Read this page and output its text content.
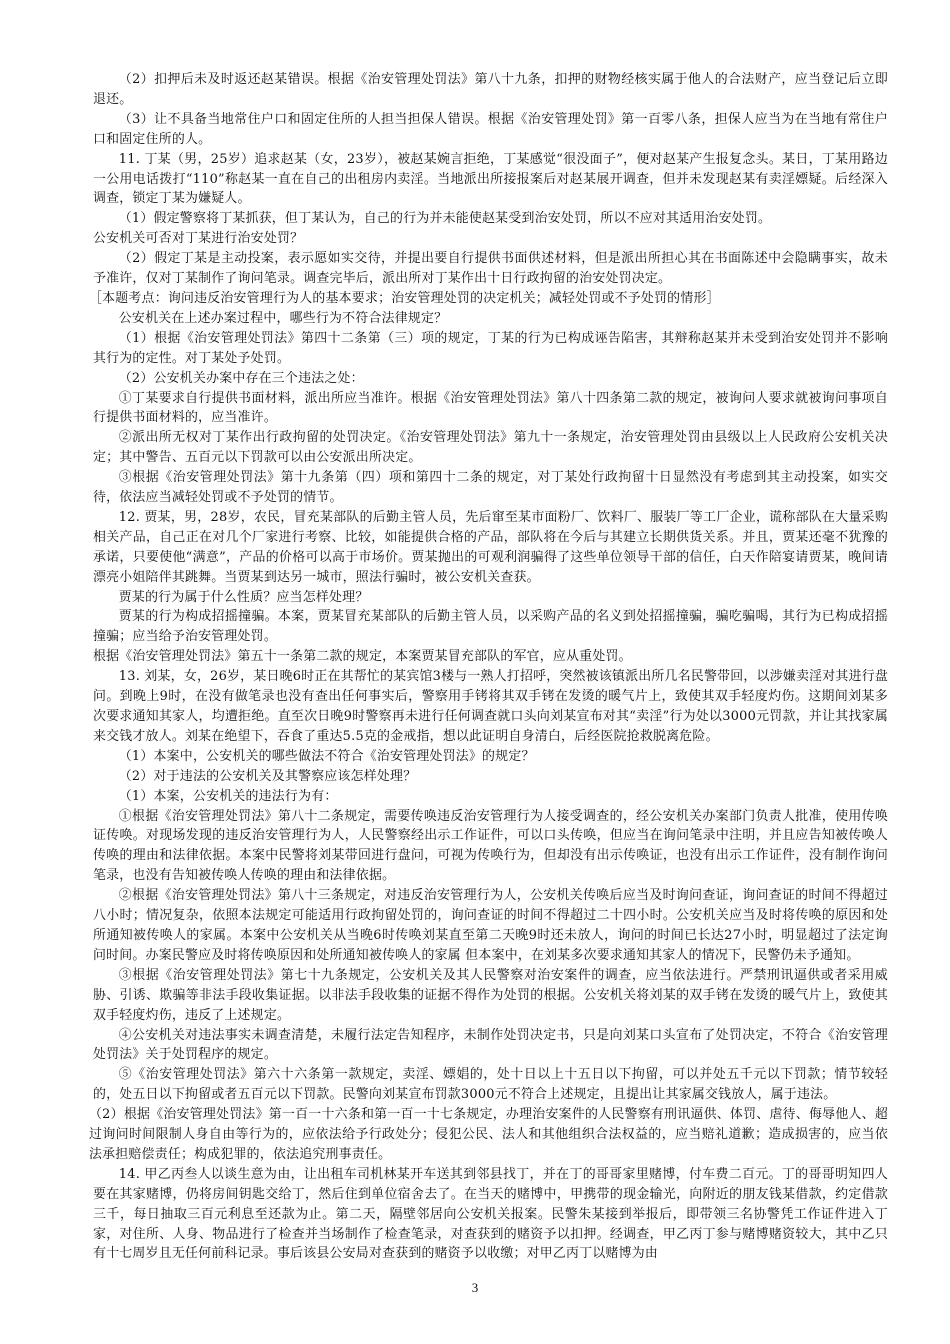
（2）扣押后未及时返还赵某错误。根据《治安管理处罚法》第八十九条，扣押的财物经核实属于他人的合法财产，应当登记后立即退还。

（3）让不具备当地常住户口和固定住所的人担当担保人错误。根据《治安管理处罚》第一百零八条，担保人应当为在当地有常住户口和固定住所的人。

11. 丁某（男，25岁）追求赵某（女，23岁），被赵某婉言拒绝，丁某感觉“很没面子”，便对赵某产生报复念头。某日，丁某用路边一公用电话拨打“110”称赵某一直在自己的出租房内卖淫。当地派出所接报案后对赵某展开调查，但并未发现赵某有卖淫嫖疑。后经深入调查，锁定丁某为嫌疑人。

（1）假定警察将丁某抓获，但丁某认为，自己的行为并未能使赵某受到治安处罚，所以不应对其适用治安处罚。

公安机关可否对丁某进行治安处罚？

（2）假定丁某是主动投案，表示愿如实交待，并提出要自行提供书面供述材料，但是派出所担心其在书面陈述中会隐瞒事实，故未予准许，仅对丁某制作了询问笔录。调查完毕后，派出所对丁某作出十日行政拘留的治安处罚决定。

［本题考点：询问违反治安管理行为人的基本要求；治安管理处罚的决定机关；减轻处罚或不予处罚的情形］

公安机关在上述办案过程中，哪些行为不符合法律规定？

（1）根据《治安管理处罚法》第四十二条第（三）项的规定，丁某的行为已构成诬告陷害，其辩称赵某并未受到治安处罚并不影响其行为的定性。对丁某处予处罚。

（2）公安机关办案中存在三个违法之处：

①丁某要求自行提供书面材料，派出所应当准许。根据《治安管理处罚法》第八十四条第二款的规定，被询问人要求就被询问事项自行提供书面材料的，应当准许。

②派出所无权对丁某作出行政拘留的处罚决定。《治安管理处罚法》第九十一条规定，治安管理处罚由县级以上人民政府公安机关决定；其中警告、五百元以下罚款可以由公安派出所决定。

③根据《治安管理处罚法》第十九条第（四）项和第四十二条的规定，对丁某处行政拘留十日显然没有考虑到其主动投案，如实交待，依法应当减轻处罚或不予处罚的情节。

12. 贾某，男，28岁，农民，冒充某部队的后勤主管人员，先后窜至某市面粉厂、饮料厂、服装厂等工厂企业，谎称部队在大量采购相关产品，自己正在对几个厂家进行考察、比较，如能提供合格的产品，部队将在今后与其建立长期供货关系。并且，贾某还毫不犹豫的承诺，只要使他“满意”，产品的价格可以高于市场价。贾某抛出的可观利润骗得了这些单位领导干部的信任，白天作陪宴请贾某，晚间请漂亮小姐陪伴其跳舞。当贾某到达另一城市，照法行骗时，被公安机关查获。

贾某的行为属于什么性质？应当怎样处理？

贾某的行为构成招摇撞骗。本案，贾某冒充某部队的后勤主管人员，以采购产品的名义到处招摇撞骗，骗吃骗喝，其行为已构成招摇撞骗；应当给予治安管理处罚。

根据《治安管理处罚法》第五十一条第二款的规定，本案贾某冒充部队的军官，应从重处罚。

13. 刘某，女，26岁，某日晚6时正在其帮忙的某宾馆3楼与一熟人打招呼，突然被该镇派出所几名民警带回，以涉嫌卖淫对其进行盘问。到晚上9时，在没有做笔录也没有查出任何事实后，警察用手铐将其双手铐在发烫的暖气片上，致使其双手轻度灼伤。这期间刘某多次要求通知其家人，均遭拒绝。直至次日晚9时警察再未进行任何调查就口头向刘某宣布对其“卖淫”行为处以3000元罚款，并让其找家属来交钱才放人。刘某在绝望下，吞食了重达5.5克的金戒指，想以此证明自身清白，后经医院抢救脱离危险。

（1）本案中，公安机关的哪些做法不符合《治安管理处罚法》的规定？

（2）对于违法的公安机关及其警察应该怎样处理？

（1）本案，公安机关的违法行为有：

①根据《治安管理处罚法》第八十二条规定，需要传唤违反治安管理行为人接受调查的，经公安机关办案部门负责人批准，使用传唤证传唤。对现场发现的违反治安管理行为人，人民警察经出示工作证件，可以口头传唤，但应当在询问笔录中注明，并且应告知被传唤人传唤的理由和法律依据。本案中民警将刘某带回进行盘问，可视为传唤行为，但却没有出示传唤证，也没有出示工作证件，没有制作询问笔录，也没有告知被传唤人传唤的理由和法律依据。

②根据《治安管理处罚法》第八十三条规定，对违反治安管理行为人，公安机关传唤后应当及时询问查证，询问查证的时间不得超过八小时；情况复杂，依照本法规定可能适用行政拘留处罚的，询问查证的时间不得超过二十四小时。公安机关应当及时将传唤的原因和处所通知被传唤人的家属。本案中公安机关从当晚6时传唤刘某直至第二天晚9时还未放人，询问的时间已长达27小时，明显超过了法定询问时间。办案民警应及时将传唤原因和处所通知被传唤人的家属 但本案中，在刘某多次要求通知其家人的情况下，民警仍未予通知。

③根据《治安管理处罚法》第七十九条规定，公安机关及其人民警察对治安案件的调查，应当依法进行。严禁刑讯逼供或者采用威胁、引诱、欺骗等非法手段收集证据。以非法手段收集的证据不得作为处罚的根据。公安机关将刘某的双手铐在发烫的暖气片上，致使其双手轻度灼伤，违反了上述规定。

④公安机关对违法事实未调查清楚，未履行法定告知程序，未制作处罚决定书，只是向刘某口头宣布了处罚决定，不符合《治安管理处罚法》关于处罚程序的规定。

⑤《治安管理处罚法》第六十六条第一款规定，卖淫、嫖娼的，处十日以上十五日以下拘留，可以并处五千元以下罚款；情节较轻的，处五日以下拘留或者五百元以下罚款。民警向刘某宣布罚款3000元不符合上述规定，且提出让其家属交钱放人，属于违法。

（2）根据《治安管理处罚法》第一百一十六条和第一百一十七条规定，办理治安案件的人民警察有刑讯逼供、体罚、虐待、侮辱他人、超过询问时间限制人身自由等行为的，应依法给予行政处分；侵犯公民、法人和其他组织合法权益的，应当赔礼道歉；造成损害的，应当依法承担赔偿责任；构成犯罪的，依法追究刑事责任。

14. 甲乙丙叁人以谈生意为由，让出租车司机林某开车送其到邻县找丁，并在丁的哥哥家里赌博，付车费二百元。丁的哥哥明知四人要在其家赌博，仍将房间钥匙交给丁，然后住到单位宿舍去了。在当天的赌博中，甲携带的现金输光，向附近的朋友钱某借款，约定借款三千，每日抽取三百元利息至还款为止。第二天，隔壁邻居向公安机关报案。民警朱某接到举报后，即带领三名协警凭工作证件进入丁家，对住所、人身、物品进行了检查并当场制作了检查笔录，对查获到的赌资予以扣押。经调查，甲乙丙丁参与赌博赌资较大，其中乙只有十七周岁且无任何前科记录。事后该县公安局对查获到的赌资予以收缴；对甲乙丙丁以赌博为由

3
